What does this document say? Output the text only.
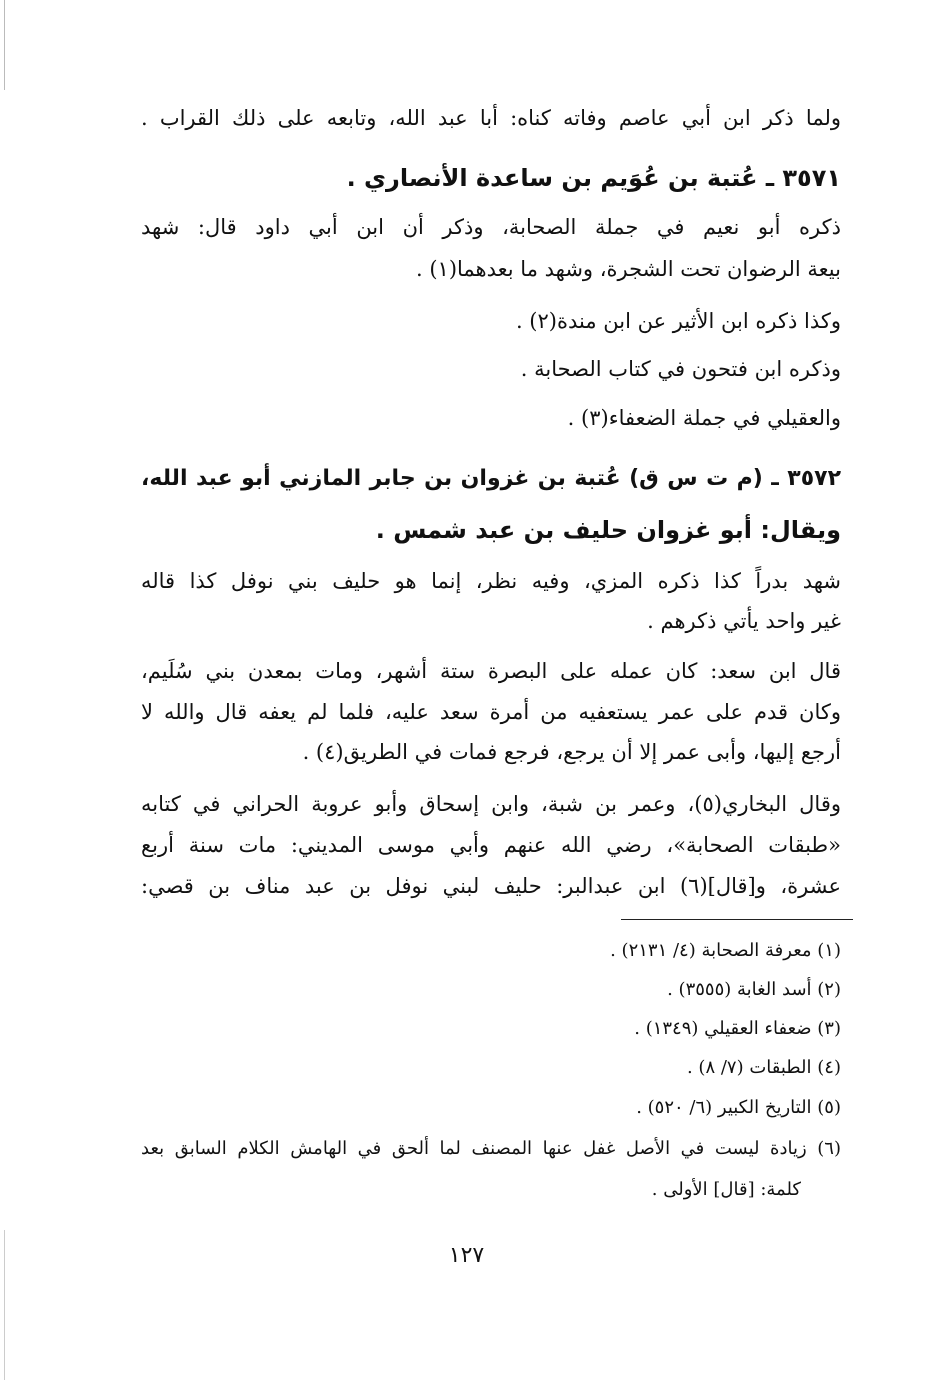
ولما ذكر ابن أبي عاصم وفاته كناه: أبا عبد الله، وتابعه على ذلك القراب .
٣٥٧١ ـ عُتبة بن عُوَيم بن ساعدة الأنصاري .
ذكره أبو نعيم في جملة الصحابة، وذكر أن ابن أبي داود قال: شهد
بيعة الرضوان تحت الشجرة، وشهد ما بعدهما(١) .
وكذا ذكره ابن الأثير عن ابن مندة(٢) .
وذكره ابن فتحون في كتاب الصحابة .
والعقيلي في جملة الضعفاء(٣) .
٣٥٧٢ ـ (م ت س ق) عُتبة بن غزوان بن جابر المازني أبو عبد الله،
ويقال: أبو غزوان حليف بن عبد شمس .
شهد بدراً كذا ذكره المزي، وفيه نظر، إنما هو حليف بني نوفل كذا قاله
غير واحد يأتي ذكرهم .
قال ابن سعد: كان عمله على البصرة ستة أشهر، ومات بمعدن بني سُلَيم،
وكان قدم على عمر يستعفيه من أمرة سعد عليه، فلما لم يعفه قال والله لا
أرجع إليها، وأبى عمر إلا أن يرجع، فرجع فمات في الطريق(٤) .
وقال البخاري(٥)، وعمر بن شبة، وابن إسحاق وأبو عروبة الحراني في كتابه
«طبقات الصحابة»، رضي الله عنهم وأبي موسى المديني: مات سنة أربع
عشرة، و[قال](٦) ابن عبدالبر: حليف لبني نوفل بن عبد مناف بن قصي:
(١) معرفة الصحابة (٤/ ٢١٣١) .
(٢) أسد الغابة (٣٥٥٥) .
(٣) ضعفاء العقيلي (١٣٤٩) .
(٤) الطبقات (٧/ ٨) .
(٥) التاريخ الكبير (٦/ ٥٢٠) .
(٦) زيادة ليست في الأصل غفل عنها المصنف لما ألحق في الهامش الكلام السابق بعد
كلمة: [قال] الأولى .
١٢٧
